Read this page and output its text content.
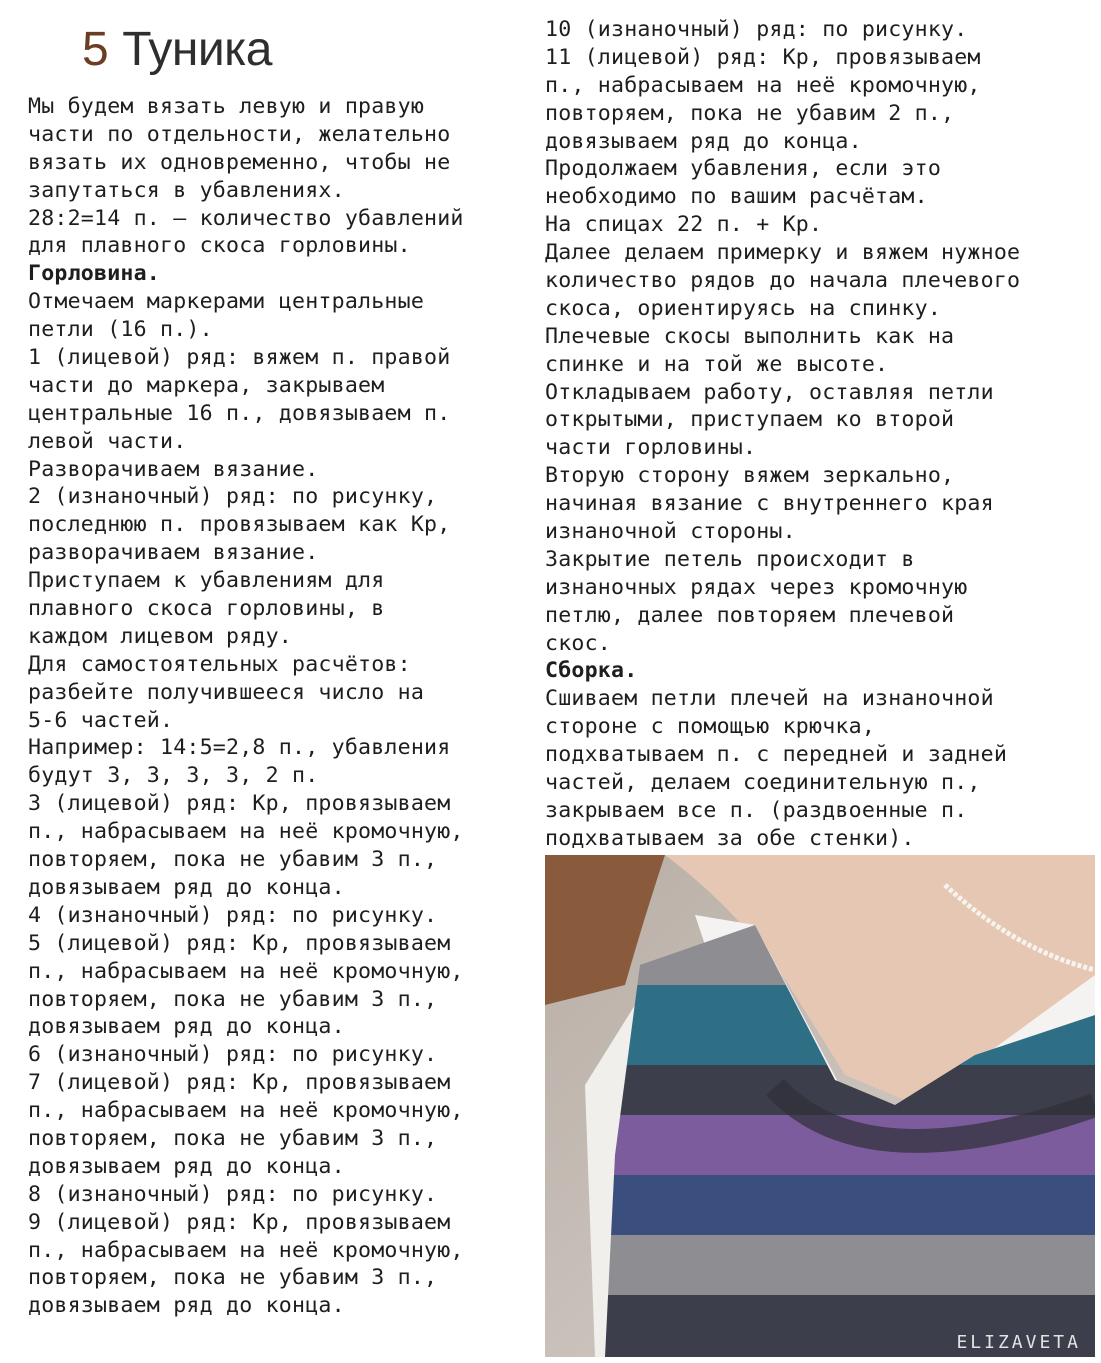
5 Туника
Мы будем вязать левую и правую
части по отдельности, желательно
вязать их одновременно, чтобы не
запутаться в убавлениях.
28:2=14 п. – количество убавлений
для плавного скоса горловины.
Горловина.
Отмечаем маркерами центральные
петли (16 п.).
1 (лицевой) ряд: вяжем п. правой
части до маркера, закрываем
центральные 16 п., довязываем п.
левой части.
Разворачиваем вязание.
2 (изнаночный) ряд: по рисунку,
последнюю п. провязываем как Кр,
разворачиваем вязание.
Приступаем к убавлениям для
плавного скоса горловины, в
каждом лицевом ряду.
Для самостоятельных расчётов:
разбейте получившееся число на
5-6 частей.
Например: 14:5=2,8 п., убавления
будут 3, 3, 3, 3, 2 п.
3 (лицевой) ряд: Кр, провязываем
п., набрасываем на неё кромочную,
повторяем, пока не убавим 3 п.,
довязываем ряд до конца.
4 (изнаночный) ряд: по рисунку.
5 (лицевой) ряд: Кр, провязываем
п., набрасываем на неё кромочную,
повторяем, пока не убавим 3 п.,
довязываем ряд до конца.
6 (изнаночный) ряд: по рисунку.
7 (лицевой) ряд: Кр, провязываем
п., набрасываем на неё кромочную,
повторяем, пока не убавим 3 п.,
довязываем ряд до конца.
8 (изнаночный) ряд: по рисунку.
9 (лицевой) ряд: Кр, провязываем
п., набрасываем на неё кромочную,
повторяем, пока не убавим 3 п.,
довязываем ряд до конца.
10 (изнаночный) ряд: по рисунку.
11 (лицевой) ряд: Кр, провязываем
п., набрасываем на неё кромочную,
повторяем, пока не убавим 2 п.,
довязываем ряд до конца.
Продолжаем убавления, если это
необходимо по вашим расчётам.
На спицах 22 п. + Кр.
Далее делаем примерку и вяжем нужное
количество рядов до начала плечевого
скоса, ориентируясь на спинку.
Плечевые скосы выполнить как на
спинке и на той же высоте.
Откладываем работу, оставляя петли
открытыми, приступаем ко второй
части горловины.
Вторую сторону вяжем зеркально,
начиная вязание с внутреннего края
изнаночной стороны.
Закрытие петель происходит в
изнаночных рядах через кромочную
петлю, далее повторяем плечевой
скос.
Сборка.
Сшиваем петли плечей на изнаночной
стороне с помощью крючка,
подхватываем п. с передней и задней
частей, делаем соединительную п.,
закрываем все п. (раздвоенные п.
подхватываем за обе стенки).
ELIZAVETA
